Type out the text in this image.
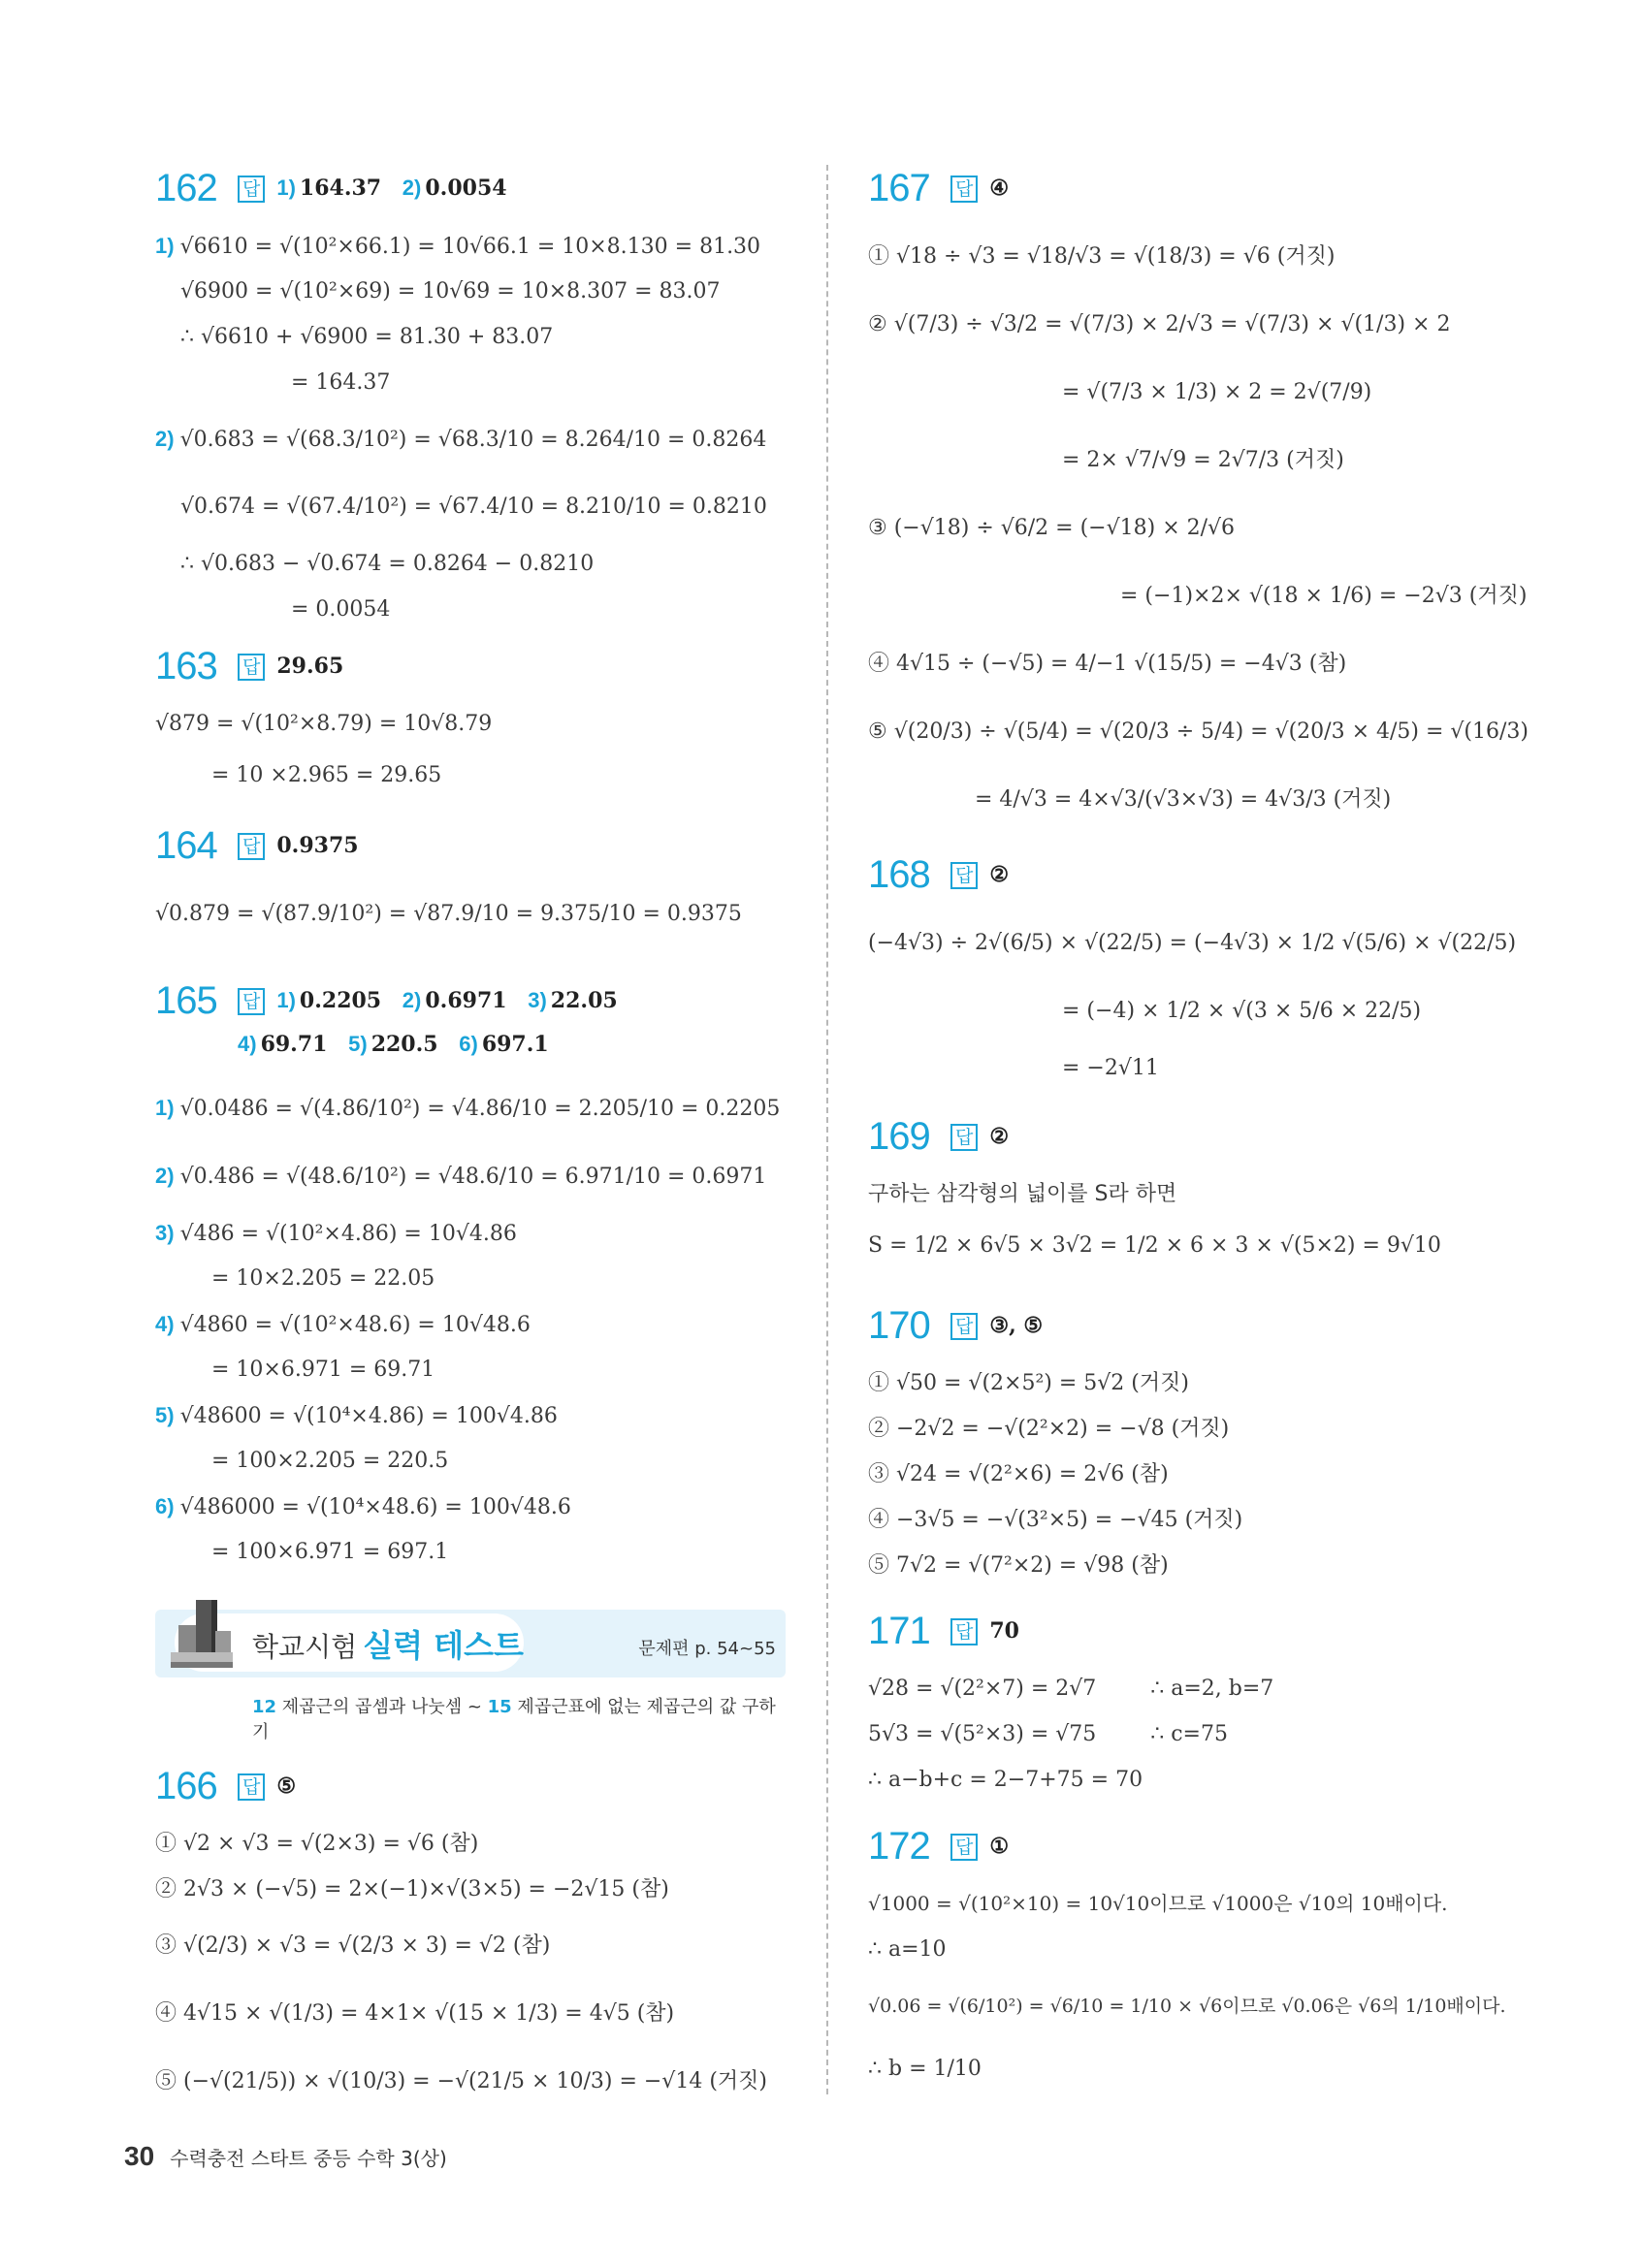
162	답 1) 164.37 2) 0.0054
1) √6610 = √(10²×66.1) = 10√66.1 = 10×8.130 = 81.30
√6900 = √(10²×69) = 10√69 = 10×8.307 = 83.07
∴ √6610 + √6900 = 81.30 + 83.07
= 164.37
2) √0.683 = √(68.3/10²) = √68.3/10 = 8.264/10 = 0.8264
√0.674 = √(67.4/10²) = √67.4/10 = 8.210/10 = 0.8210
∴ √0.683 − √0.674 = 0.8264 − 0.8210
= 0.0054
163	답 29.65
√879 = √(10²×8.79) = 10√8.79
= 10 ×2.965 = 29.65
164	답 0.9375
√0.879 = √(87.9/10²) = √87.9/10 = 9.375/10 = 0.9375
165	답 1) 0.2205 2) 0.6971 3) 22.05
4) 69.71 5) 220.5 6) 697.1
1) √0.0486 = √(4.86/10²) = √4.86/10 = 2.205/10 = 0.2205
2) √0.486 = √(48.6/10²) = √48.6/10 = 6.971/10 = 0.6971
3) √486 = √(10²×4.86) = 10√4.86
= 10×2.205 = 22.05
4) √4860 = √(10²×48.6) = 10√48.6
= 10×6.971 = 69.71
5) √48600 = √(10⁴×4.86) = 100√4.86
= 100×2.205 = 220.5
6) √486000 = √(10⁴×48.6) = 100√48.6
= 100×6.971 = 697.1
학교시험 실력 테스트	문제편 p. 54~55
12 제곱근의 곱셈과 나눗셈 ~ 15 제곱근표에 없는 제곱근의 값 구하기
166	답 ⑤
① √2 × √3 = √(2×3) = √6 (참)
② 2√3 × (−√5) = 2×(−1)×√(3×5) = −2√15 (참)
③ √(2/3) × √3 = √(2/3 × 3) = √2 (참)
④ 4√15 × √(1/3) = 4×1× √(15 × 1/3) = 4√5 (참)
⑤ (−√(21/5)) × √(10/3) = −√(21/5 × 10/3) = −√14 (거짓)
167	답 ④
① √18 ÷ √3 = √18/√3 = √(18/3) = √6 (거짓)
② √(7/3) ÷ √3/2 = √(7/3) × 2/√3 = √(7/3) × √(1/3) × 2
= √(7/3 × 1/3) × 2 = 2√(7/9)
= 2× √7/√9 = 2√7/3 (거짓)
③ (−√18) ÷ √6/2 = (−√18) × 2/√6
= (−1)×2× √(18 × 1/6) = −2√3 (거짓)
④ 4√15 ÷ (−√5) = 4/−1 √(15/5) = −4√3 (참)
⑤ √(20/3) ÷ √(5/4) = √(20/3 ÷ 5/4) = √(20/3 × 4/5) = √(16/3)
= 4/√3 = 4×√3/(√3×√3) = 4√3/3 (거짓)
168	답 ②
(−4√3) ÷ 2√(6/5) × √(22/5) = (−4√3) × 1/2 √(5/6) × √(22/5)
= (−4) × 1/2 × √(3 × 5/6 × 22/5)
= −2√11
169	답 ②
구하는 삼각형의 넓이를 S라 하면
S = 1/2 × 6√5 × 3√2 = 1/2 × 6 × 3 × √(5×2) = 9√10
170	답 ③, ⑤
① √50 = √(2×5²) = 5√2 (거짓)
② −2√2 = −√(2²×2) = −√8 (거짓)
③ √24 = √(2²×6) = 2√6 (참)
④ −3√5 = −√(3²×5) = −√45 (거짓)
⑤ 7√2 = √(7²×2) = √98 (참)
171	답 70
√28 = √(2²×7) = 2√7        ∴ a=2, b=7
5√3 = √(5²×3) = √75        ∴ c=75
∴ a−b+c = 2−7+75 = 70
172	답 ①
√1000 = √(10²×10) = 10√10이므로 √1000은 √10의 10배이다.
∴ a=10
√0.06 = √(6/10²) = √6/10 = 1/10 × √6이므로 √0.06은 √6의 1/10배이다.
∴ b = 1/10
30 수력충전 스타트 중등 수학 3(상)
